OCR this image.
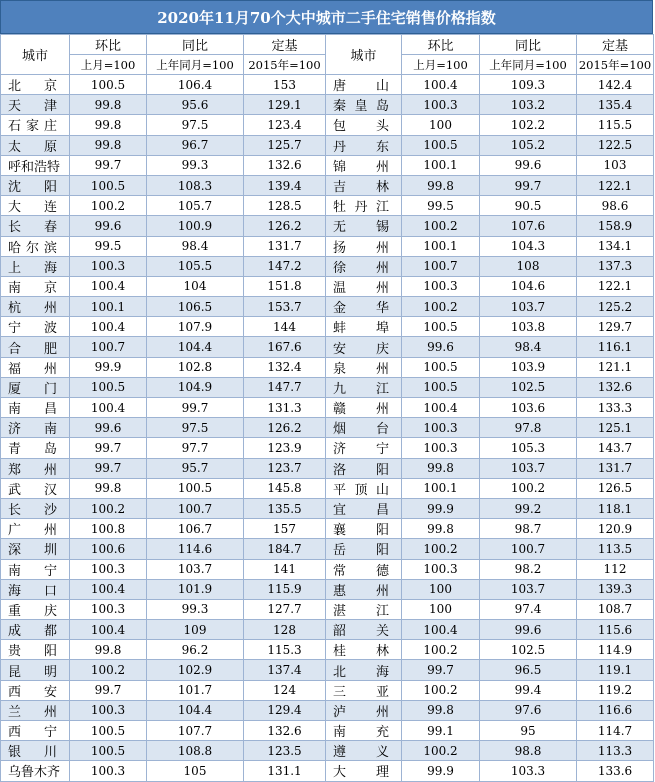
2020年11月70个大中城市二手住宅销售价格指数
城市	环比	同比	定基	城市	环比	同比	定基
	上月=100	上年同月=100	2015年=100		上月=100	上年同月=100	2015年=100
北京	100.5	106.4	153	唐山	100.4	109.3	142.4
天津	99.8	95.6	129.1	秦皇岛	100.3	103.2	135.4
石家庄	99.8	97.5	123.4	包头	100	102.2	115.5
太原	99.8	96.7	125.7	丹东	100.5	105.2	122.5
呼和浩特	99.7	99.3	132.6	锦州	100.1	99.6	103
沈阳	100.5	108.3	139.4	吉林	99.8	99.7	122.1
大连	100.2	105.7	128.5	牡丹江	99.5	90.5	98.6
长春	99.6	100.9	126.2	无锡	100.2	107.6	158.9
哈尔滨	99.5	98.4	131.7	扬州	100.1	104.3	134.1
上海	100.3	105.5	147.2	徐州	100.7	108	137.3
南京	100.4	104	151.8	温州	100.3	104.6	122.1
杭州	100.1	106.5	153.7	金华	100.2	103.7	125.2
宁波	100.4	107.9	144	蚌埠	100.5	103.8	129.7
合肥	100.7	104.4	167.6	安庆	99.6	98.4	116.1
福州	99.9	102.8	132.4	泉州	100.5	103.9	121.1
厦门	100.5	104.9	147.7	九江	100.5	102.5	132.6
南昌	100.4	99.7	131.3	赣州	100.4	103.6	133.3
济南	99.6	97.5	126.2	烟台	100.3	97.8	125.1
青岛	99.7	97.7	123.9	济宁	100.3	105.3	143.7
郑州	99.7	95.7	123.7	洛阳	99.8	103.7	131.7
武汉	99.8	100.5	145.8	平顶山	100.1	100.2	126.5
长沙	100.2	100.7	135.5	宜昌	99.9	99.2	118.1
广州	100.8	106.7	157	襄阳	99.8	98.7	120.9
深圳	100.6	114.6	184.7	岳阳	100.2	100.7	113.5
南宁	100.3	103.7	141	常德	100.3	98.2	112
海口	100.4	101.9	115.9	惠州	100	103.7	139.3
重庆	100.3	99.3	127.7	湛江	100	97.4	108.7
成都	100.4	109	128	韶关	100.4	99.6	115.6
贵阳	99.8	96.2	115.3	桂林	100.2	102.5	114.9
昆明	100.2	102.9	137.4	北海	99.7	96.5	119.1
西安	99.7	101.7	124	三亚	100.2	99.4	119.2
兰州	100.3	104.4	129.4	泸州	99.8	97.6	116.6
西宁	100.5	107.7	132.6	南充	99.1	95	114.7
银川	100.5	108.8	123.5	遵义	100.2	98.8	113.3
乌鲁木齐	100.3	105	131.1	大理	99.9	103.3	133.6
